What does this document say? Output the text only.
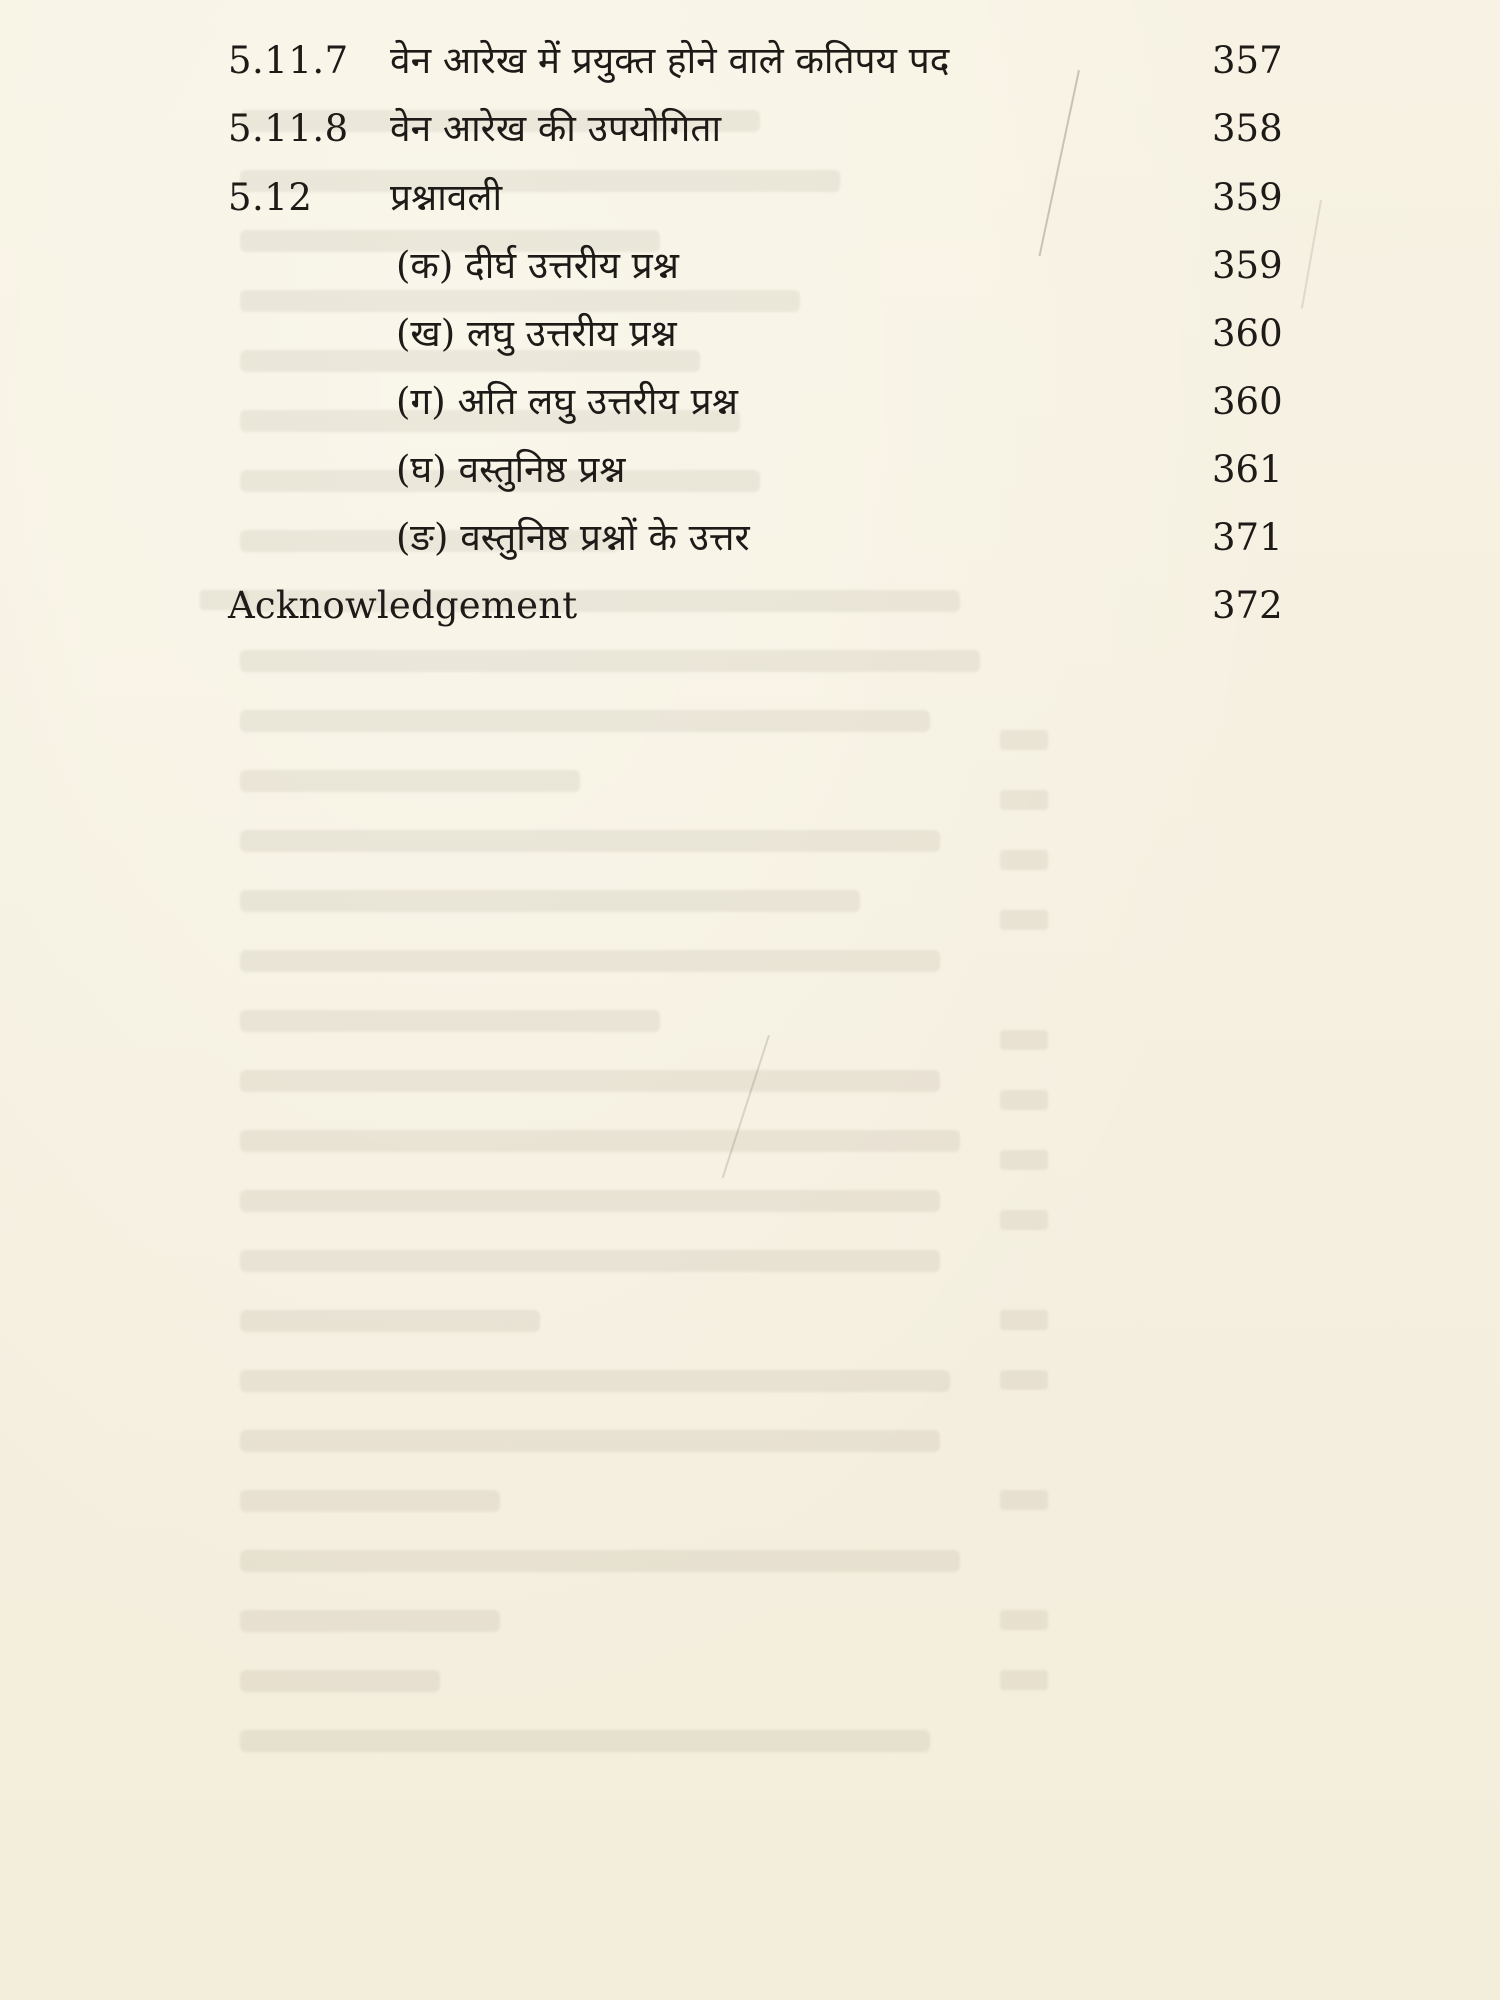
5.11.7 वेन आरेख में प्रयुक्त होने वाले कतिपय पद	357
5.11.8 वेन आरेख की उपयोगिता	358
5.12 प्रश्नावली	359
(क) दीर्घ उत्तरीय प्रश्न	359
(ख) लघु उत्तरीय प्रश्न	360
(ग) अति लघु उत्तरीय प्रश्न	360
(घ) वस्तुनिष्ठ प्रश्न	361
(ङ) वस्तुनिष्ठ प्रश्नों के उत्तर	371
Acknowledgement	372
